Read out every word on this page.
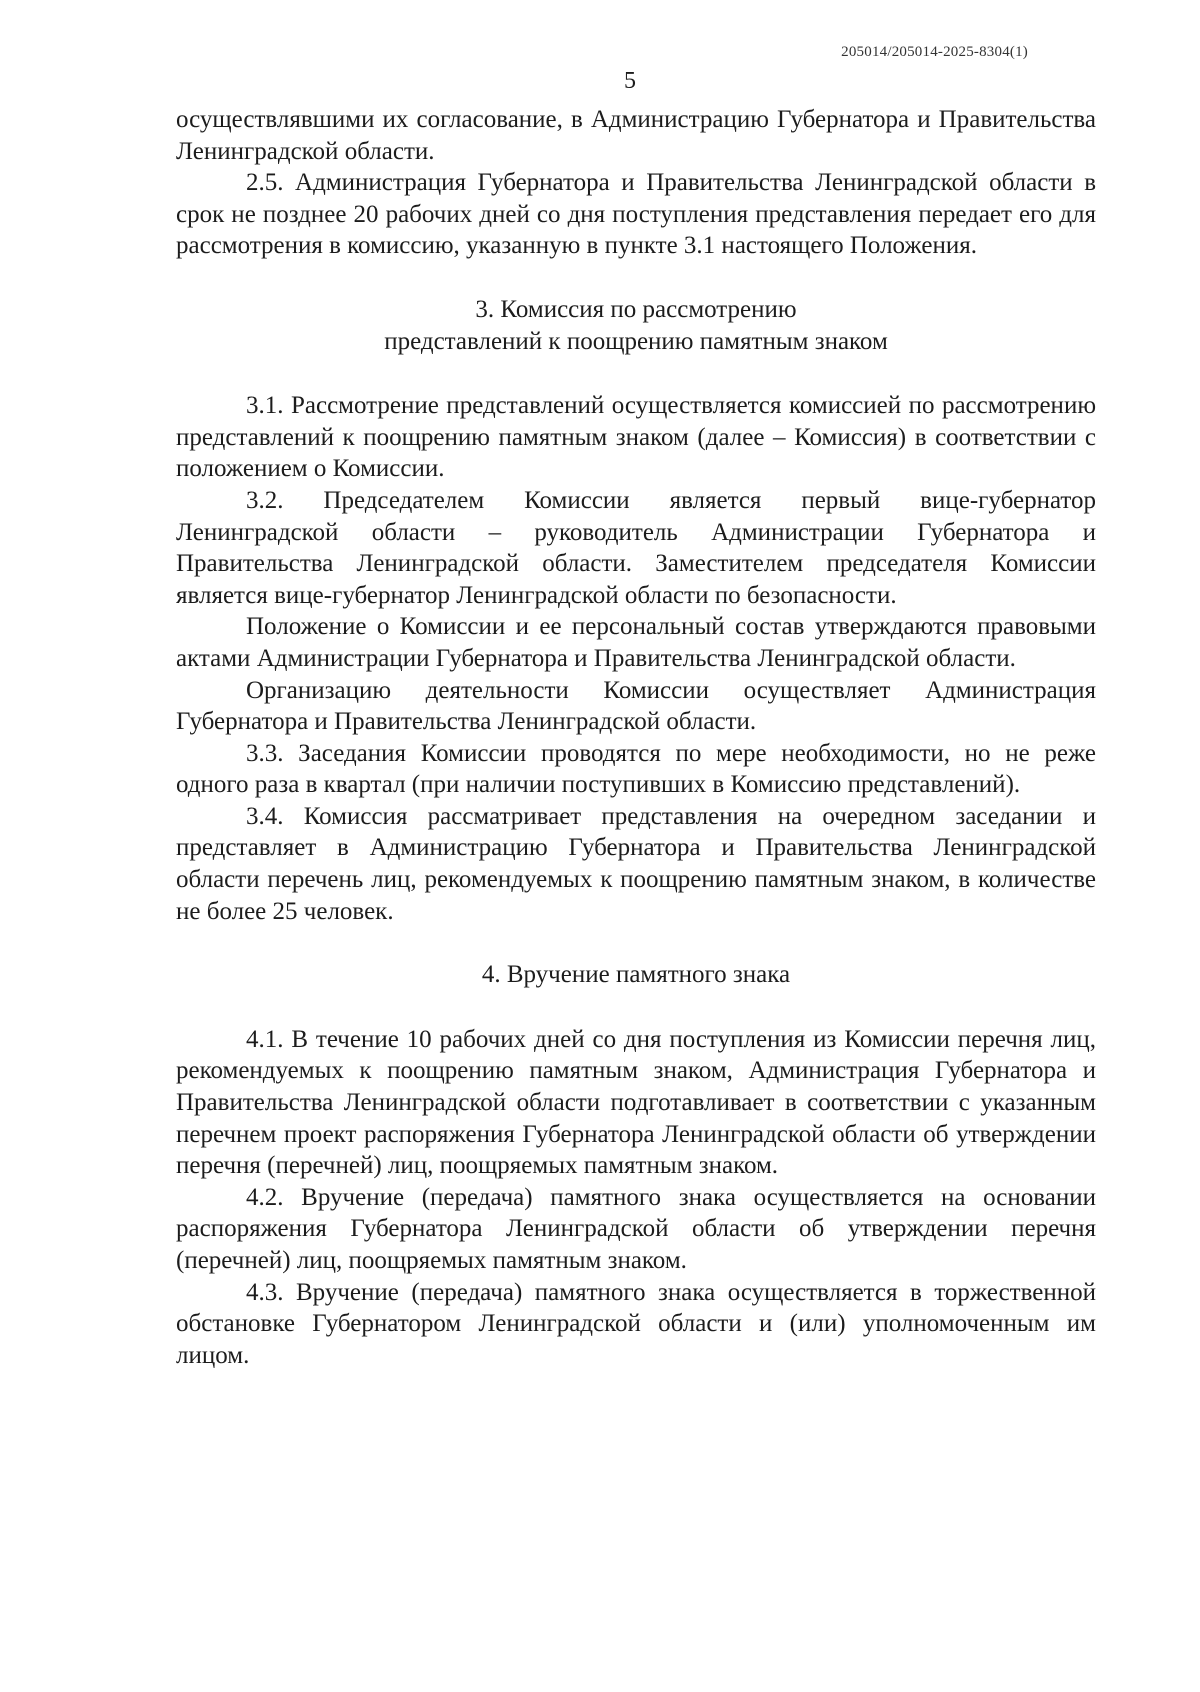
205014/205014-2025-8304(1)
5

осуществлявшими их согласование, в Администрацию Губернатора и Правительства Ленинградской области.

2.5. Администрация Губернатора и Правительства Ленинградской области в срок не позднее 20 рабочих дней со дня поступления представления передает его для рассмотрения в комиссию, указанную в пункте 3.1 настоящего Положения.

3. Комиссия по рассмотрению
представлений к поощрению памятным знаком

3.1. Рассмотрение представлений осуществляется комиссией по рассмотрению представлений к поощрению памятным знаком (далее – Комиссия) в соответствии с положением о Комиссии.

3.2. Председателем Комиссии является первый вице-губернатор Ленинградской области – руководитель Администрации Губернатора и Правительства Ленинградской области. Заместителем председателя Комиссии является вице-губернатор Ленинградской области по безопасности.

Положение о Комиссии и ее персональный состав утверждаются правовыми актами Администрации Губернатора и Правительства Ленинградской области.

Организацию деятельности Комиссии осуществляет Администрация Губернатора и Правительства Ленинградской области.

3.3. Заседания Комиссии проводятся по мере необходимости, но не реже одного раза в квартал (при наличии поступивших в Комиссию представлений).

3.4. Комиссия рассматривает представления на очередном заседании и представляет в Администрацию Губернатора и Правительства Ленинградской области перечень лиц, рекомендуемых к поощрению памятным знаком, в количестве не более 25 человек.

4. Вручение памятного знака

4.1. В течение 10 рабочих дней со дня поступления из Комиссии перечня лиц, рекомендуемых к поощрению памятным знаком, Администрация Губернатора и Правительства Ленинградской области подготавливает в соответствии с указанным перечнем проект распоряжения Губернатора Ленинградской области об утверждении перечня (перечней) лиц, поощряемых памятным знаком.

4.2. Вручение (передача) памятного знака осуществляется на основании распоряжения Губернатора Ленинградской области об утверждении перечня (перечней) лиц, поощряемых памятным знаком.

4.3. Вручение (передача) памятного знака осуществляется в торжественной обстановке Губернатором Ленинградской области и (или) уполномоченным им лицом.
